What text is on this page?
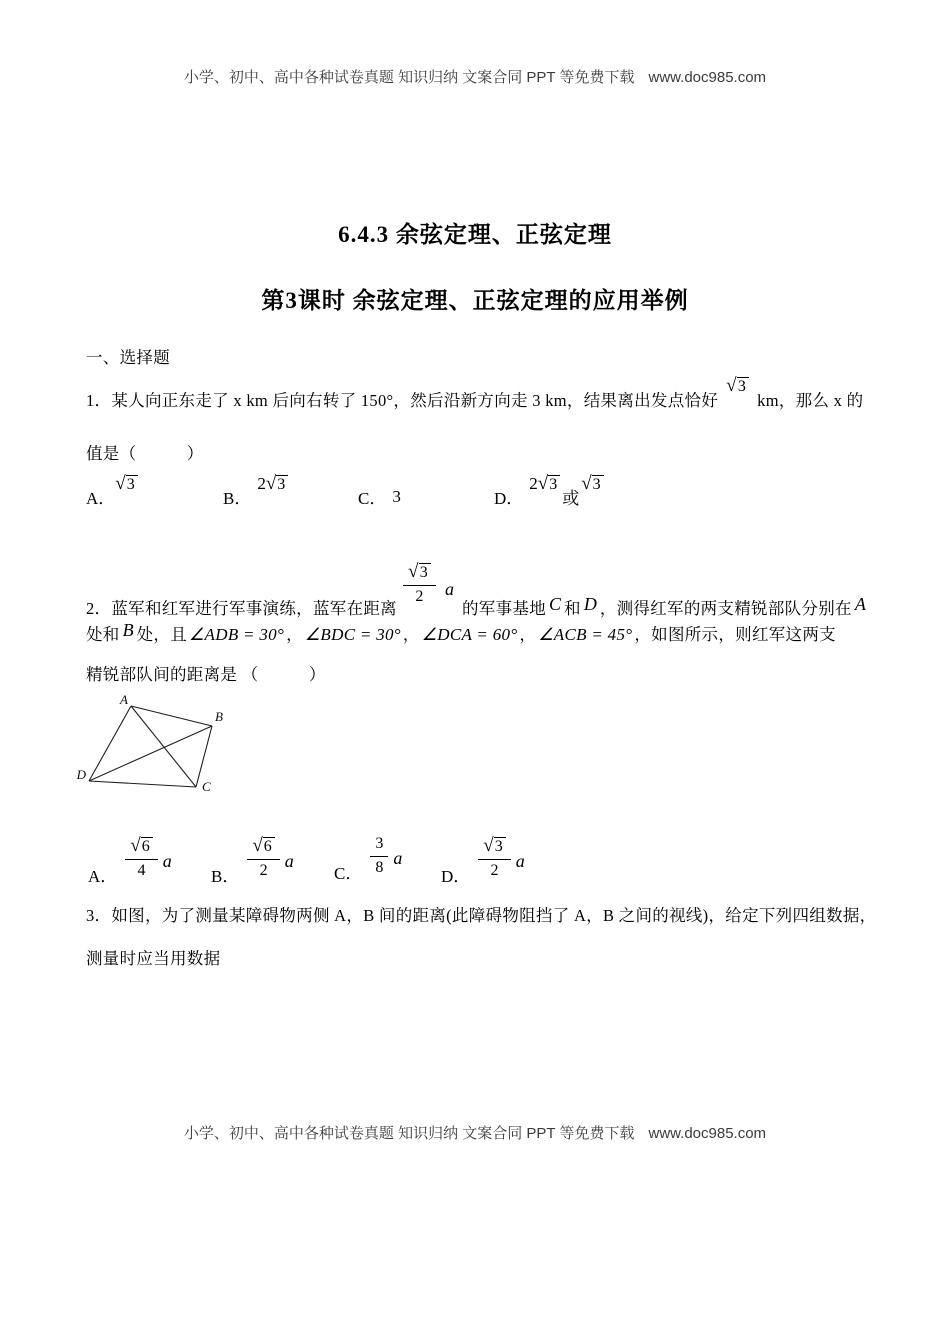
小学、初中、高中各种试卷真题 知识归纳 文案合同 PPT 等免费下载 www.doc985.com
6.4.3 余弦定理、正弦定理
第3课时 余弦定理、正弦定理的应用举例
一、选择题
1．某人向正东走了 x km 后向右转了 150°，然后沿新方向走 3 km，结果离出发点恰好√3km，那么 x 的
值是（　　　）
A．√3
B．2√3
C． 3	D．2√3或√3
2．蓝军和红军进行军事演练，蓝军在距离
$\frac{√3}{2}$ a的军事基地 C 和 D ，测得红军的两支精锐部队分别在 A
处和 B 处，且 ∠ADB = 30° ， ∠BDC = 30° ， ∠DCA = 60° ， ∠ACB = 45° ，如图所示，则红军这两支
精锐部队间的距离是 （　　　）
A
B
C
D
A． $\frac{√6}{4}$ a
B． $\frac{√6}{2}$ a
C． $\frac{3}{8}$ a
D． $\frac{√3}{2}$ a
3．如图，为了测量某障碍物两侧 A，B 间的距离(此障碍物阻挡了 A，B 之间的视线)，给定下列四组数据，
测量时应当用数据
小学、初中、高中各种试卷真题 知识归纳 文案合同 PPT 等免费下载 www.doc985.com
